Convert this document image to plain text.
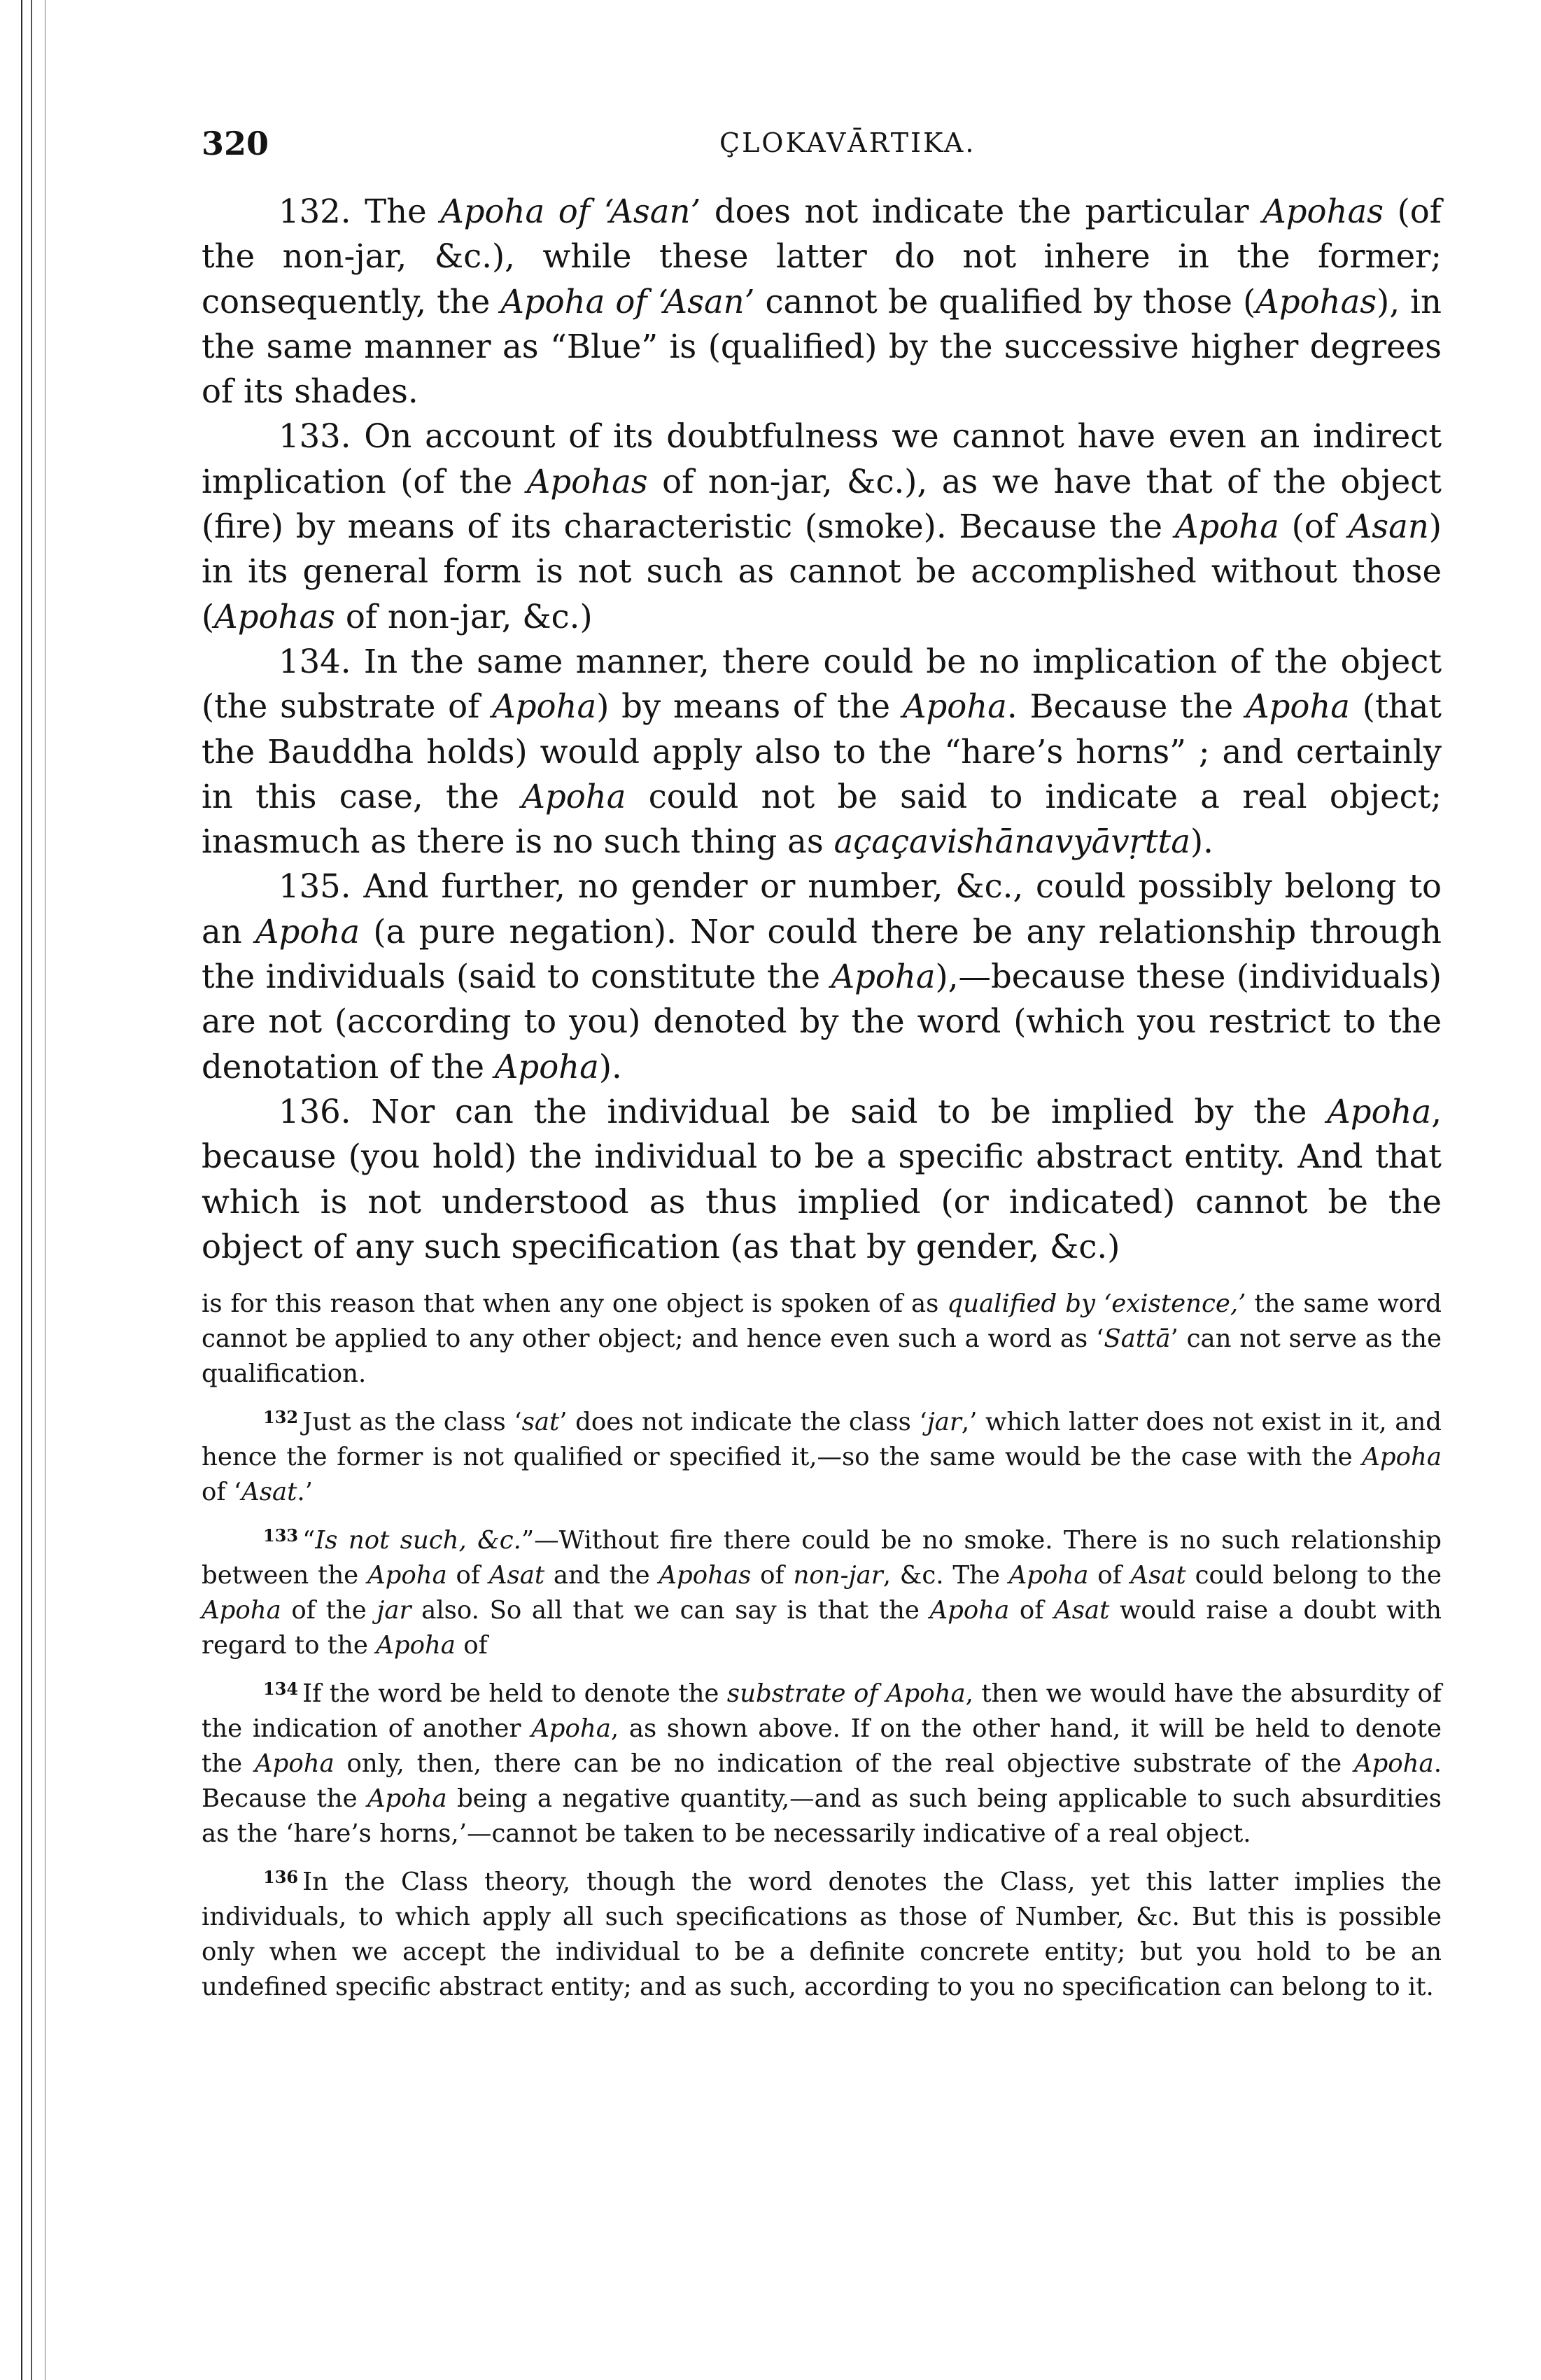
320	ÇLOKAVĀRTIKA.

132. The Apoha of ‘Asan’ does not indicate the particular Apohas (of the non-jar, &c.), while these latter do not inhere in the former; consequently, the Apoha of ‘Asan’ cannot be qualified by those (Apohas), in the same manner as “Blue” is (qualified) by the successive higher degrees of its shades.

133. On account of its doubtfulness we cannot have even an indirect implication (of the Apohas of non-jar, &c.), as we have that of the object (fire) by means of its characteristic (smoke). Because the Apoha (of Asan) in its general form is not such as cannot be accomplished without those (Apohas of non-jar, &c.)

134. In the same manner, there could be no implication of the object (the substrate of Apoha) by means of the Apoha. Because the Apoha (that the Bauddha holds) would apply also to the “hare’s horns” ; and certainly in this case, the Apoha could not be said to indicate a real object; inasmuch as there is no such thing as açaçavishānavyāvṛtta).

135. And further, no gender or number, &c., could possibly belong to an Apoha (a pure negation). Nor could there be any relationship through the individuals (said to constitute the Apoha),—because these (individuals) are not (according to you) denoted by the word (which you restrict to the denotation of the Apoha).

136. Nor can the individual be said to be implied by the Apoha, because (you hold) the individual to be a specific abstract entity. And that which is not understood as thus implied (or indicated) cannot be the object of any such specification (as that by gender, &c.)

is for this reason that when any one object is spoken of as qualified by ‘existence,’ the same word cannot be applied to any other object; and hence even such a word as ‘Sattā’ can not serve as the qualification.

$^{132}$ Just as the class ‘sat’ does not indicate the class ‘jar,’ which latter does not exist in it, and hence the former is not qualified or specified it,—so the same would be the case with the Apoha of ‘Asat.’

$^{133}$ “Is not such, &c.”—Without fire there could be no smoke. There is no such relationship between the Apoha of Asat and the Apohas of non-jar, &c. The Apoha of Asat could belong to the Apoha of the jar also. So all that we can say is that the Apoha of Asat would raise a doubt with regard to the Apoha of

$^{134}$ If the word be held to denote the substrate of Apoha, then we would have the absurdity of the indication of another Apoha, as shown above. If on the other hand, it will be held to denote the Apoha only, then, there can be no indication of the real objective substrate of the Apoha. Because the Apoha being a negative quantity,—and as such being applicable to such absurdities as the ‘hare’s horns,’—cannot be taken to be necessarily indicative of a real object.

$^{136}$ In the Class theory, though the word denotes the Class, yet this latter implies the individuals, to which apply all such specifications as those of Number, &c. But this is possible only when we accept the individual to be a definite concrete entity; but you hold to be an undefined specific abstract entity; and as such, according to you no specification can belong to it.
